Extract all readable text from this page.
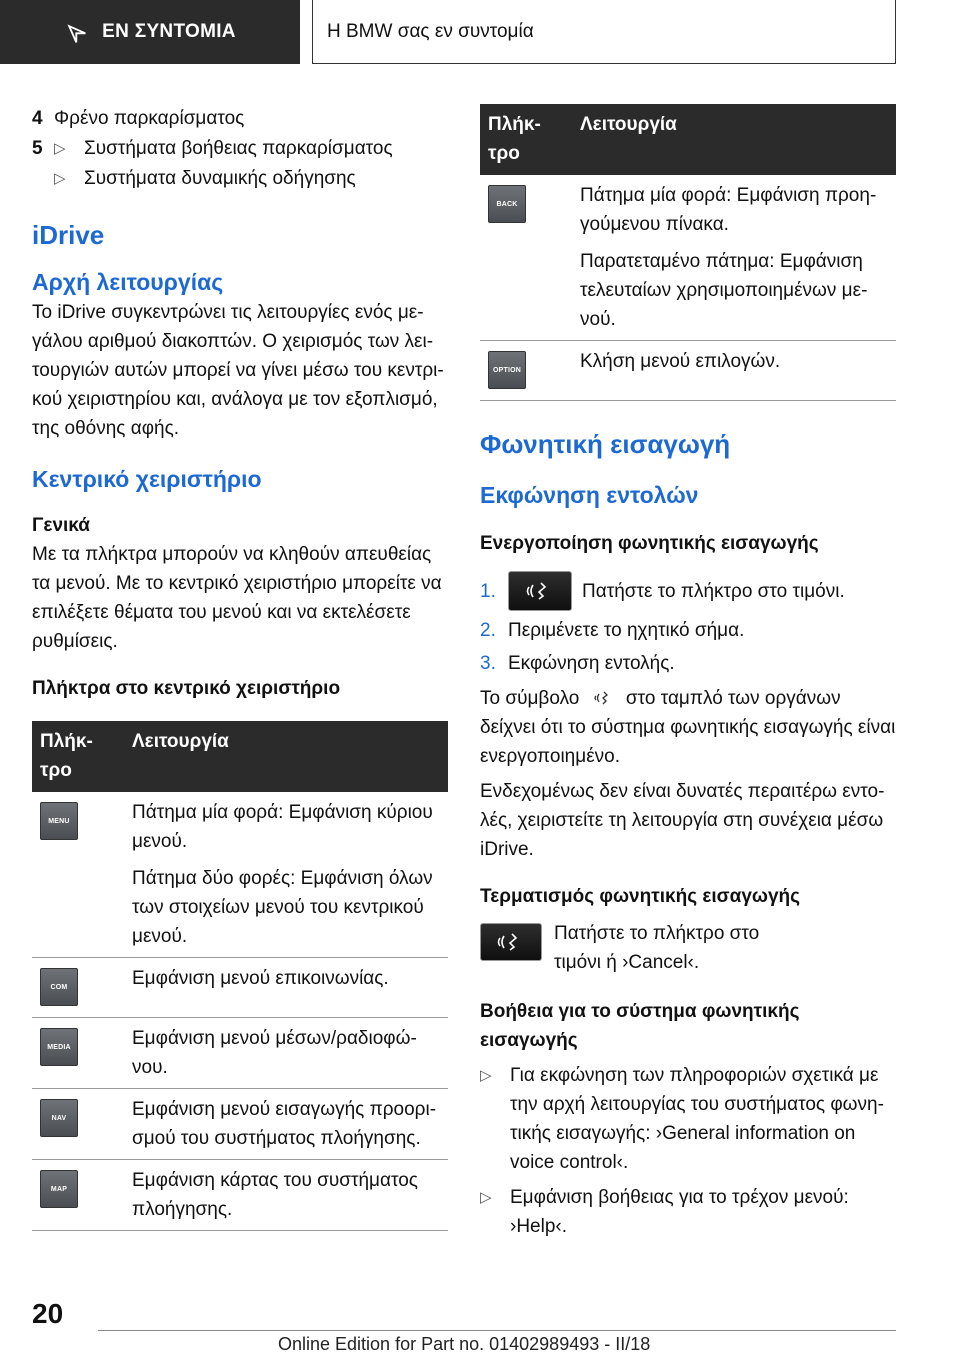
ΕΝ ΣΥΝΤΟΜΙΑ	Η BMW σας εν συντομία
4 Φρένο παρκαρίσματος
5 ▷	Συστήματα βοήθειας παρκαρίσματος
▷
Συστήματα δυναμικής οδήγησης
iDrive
Αρχή λειτουργίας

Το iDrive συγκεντρώνει τις λειτουργίες ενός μεγάλου αριθμού διακοπτών. Ο χειρισμός των λειτουργιών αυτών μπορεί να γίνει μέσω του κεντρικού χειριστηρίου και, ανάλογα με τον εξοπλισμό, της οθόνης αφής.

Κεντρικό χειριστήριο
Γενικά

Με τα πλήκτρα μπορούν να κληθούν απευθείας τα μενού. Με το κεντρικό χειριστήριο μπορείτε να επιλέξετε θέματα του μενού και να εκτελέσετε ρυθμίσεις.

Πλήκτρα στο κεντρικό χειριστήριο
Πλήκτρο	Λειτουργία

MENU	Πάτημα μία φορά: Εμφάνιση κύριου μενού.

Πάτημα δύο φορές: Εμφάνιση όλων των στοιχείων μενού του κεντρικού μενού.

COM	Εμφάνιση μενού επικοινωνίας.

MEDIA	Εμφάνιση μενού μέσων/ραδιοφώνου.

NAV	Εμφάνιση μενού εισαγωγής προορισμού του συστήματος πλοήγησης.

MAP	Εμφάνιση κάρτας του συστήματος πλοήγησης.

Πλήκτρο	Λειτουργία

BACK	Πάτημα μία φορά: Εμφάνιση προηγούμενου πίνακα.

Παρατεταμένο πάτημα: Εμφάνιση τελευταίων χρησιμοποιημένων μενού.

OPTION	Κλήση μενού επιλογών.

Φωνητική εισαγωγή
Εκφώνηση εντολών
Ενεργοποίηση φωνητικής εισαγωγής
1.	Πατήστε το πλήκτρο στο τιμόνι.
2. Περιμένετε το ηχητικό σήμα.
3. Εκφώνηση εντολής.

Το σύμβολο στο ταμπλό των οργάνων δείχνει ότι το σύστημα φωνητικής εισαγωγής είναι ενεργοποιημένο.

Ενδεχομένως δεν είναι δυνατές περαιτέρω εντολές, χειριστείτε τη λειτουργία στη συνέχεια μέσω iDrive.

Τερματισμός φωνητικής εισαγωγής
Πατήστε το πλήκτρο στο τιμόνι ή ›Cancel‹.
Βοήθεια για το σύστημα φωνητικής εισαγωγής
▷
Για εκφώνηση των πληροφοριών σχετικά με την αρχή λειτουργίας του συστήματος φωνητικής εισαγωγής: ›General information on voice control‹.
▷
Εμφάνιση βοήθειας για το τρέχον μενού: ›Help‹.
20
Online Edition for Part no. 01402989493 - II/18
